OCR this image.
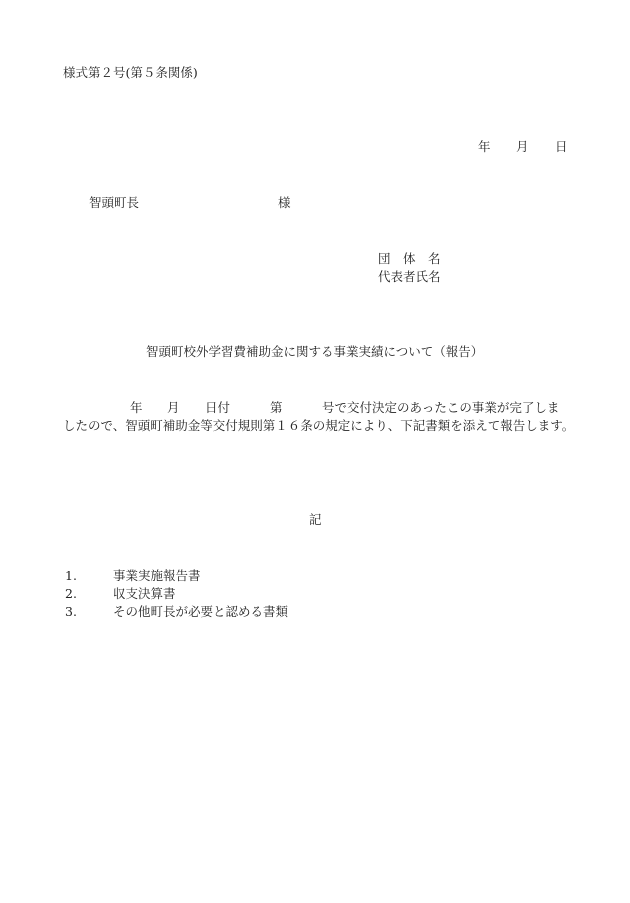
様式第２号(第５条関係)
年 月 日
智頭町長	様
団　体　名
代表者氏名
智頭町校外学習費補助金に関する事業実績について（報告）
年 月 日付	第	号で交付決定のあったこの事業が完了しま
したので、智頭町補助金等交付規則第１６条の規定により、下記書類を添えて報告します。
記
1.	事業実施報告書
2.	収支決算書
3.	その他町長が必要と認める書類
